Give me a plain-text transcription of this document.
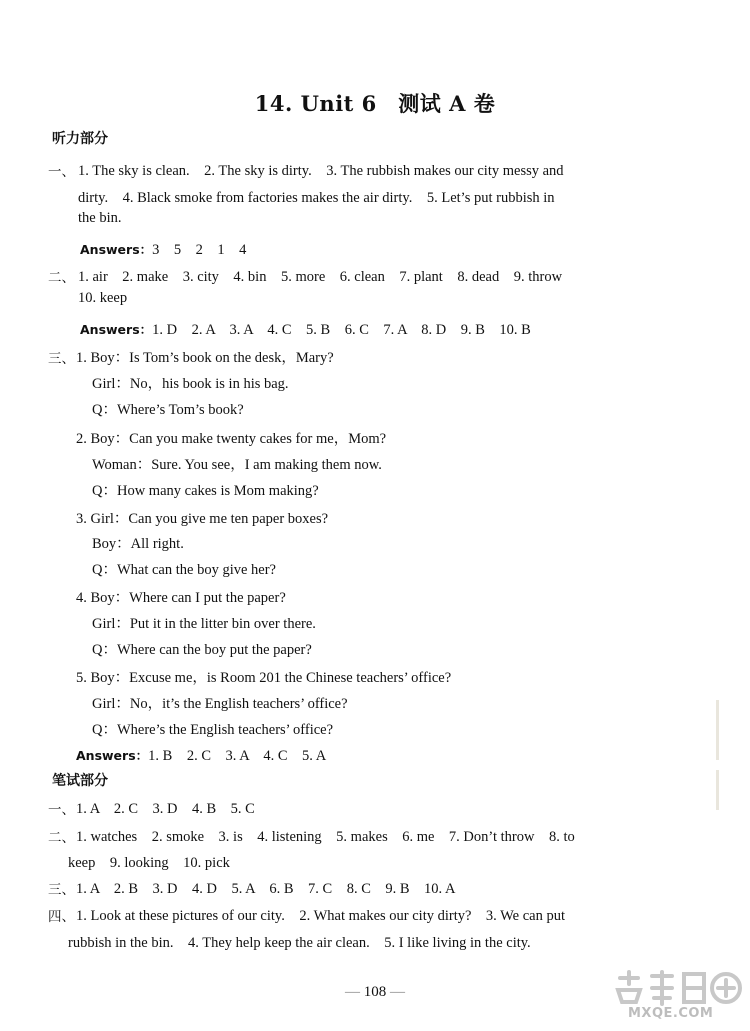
14. Unit 6　测试 A 卷
听力部分
一、 1. The sky is clean.　2. The sky is dirty.　3. The rubbish makes our city messy and
dirty.　4. Black smoke from factories makes the air dirty.　5. Let’s put rubbish in
the bin.
Answers：3　5　2　1　4
二、 1. air　2. make　3. city　4. bin　5. more　6. clean　7. plant　8. dead　9. throw
10. keep
Answers：1. D　2. A　3. A　4. C　5. B　6. C　7. A　8. D　9. B　10. B
三、 1. Boy：Is Tom’s book on the desk，Mary?
Girl：No，his book is in his bag.
Q：Where’s Tom’s book?
2. Boy：Can you make twenty cakes for me，Mom?
Woman：Sure. You see，I am making them now.
Q：How many cakes is Mom making?
3. Girl：Can you give me ten paper boxes?
Boy：All right.
Q：What can the boy give her?
4. Boy：Where can I put the paper?
Girl：Put it in the litter bin over there.
Q：Where can the boy put the paper?
5. Boy：Excuse me，is Room 201 the Chinese teachers’ office?
Girl：No，it’s the English teachers’ office?
Q：Where’s the English teachers’ office?
Answers：1. B　2. C　3. A　4. C　5. A
笔试部分
一、 1. A　2. C　3. D　4. B　5. C
二、 1. watches　2. smoke　3. is　4. listening　5. makes　6. me　7. Don’t throw　8. to
keep　9. looking　10. pick
三、 1. A　2. B　3. D　4. D　5. A　6. B　7. C　8. C　9. B　10. A
四、 1. Look at these pictures of our city.　2. What makes our city dirty?　3. We can put
rubbish in the bin.　4. They help keep the air clean.　5. I like living in the city.
— 108 —
MXQE.COM
